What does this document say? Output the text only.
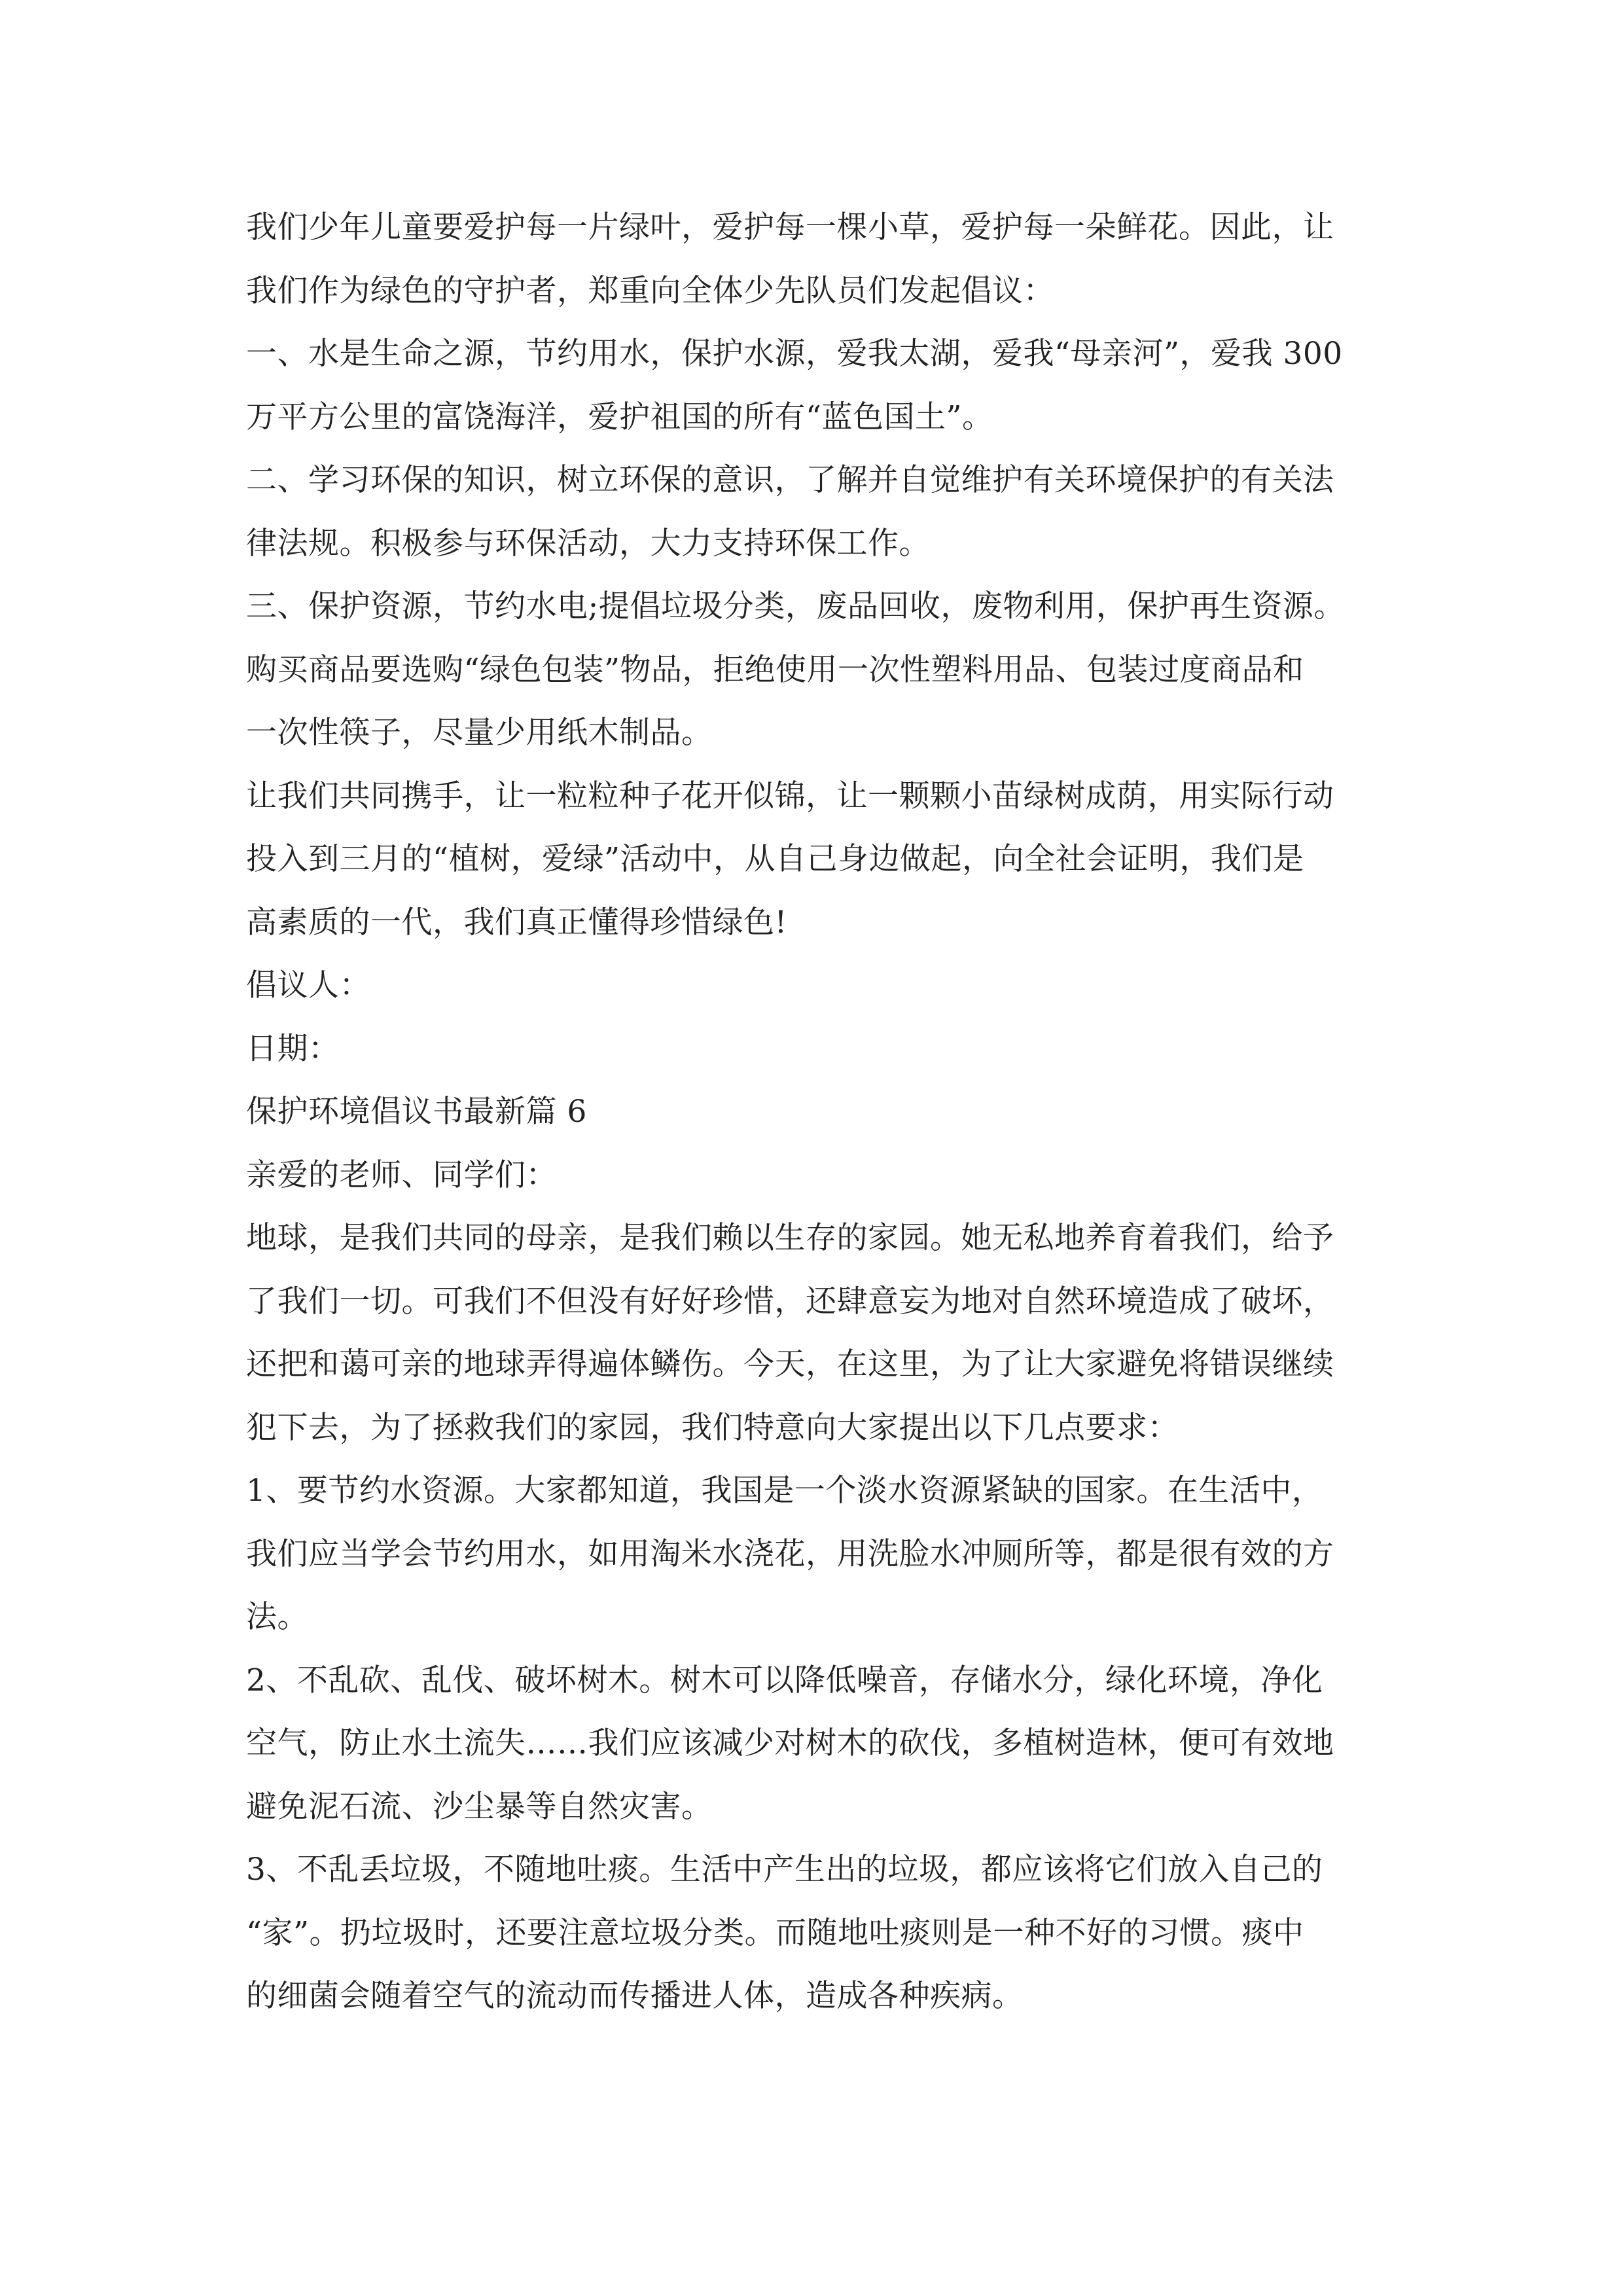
我们少年儿童要爱护每一片绿叶，爱护每一棵小草，爱护每一朵鲜花。因此，让
我们作为绿色的守护者，郑重向全体少先队员们发起倡议：
一、水是生命之源，节约用水，保护水源，爱我太湖，爱我“母亲河”，爱我 300
万平方公里的富饶海洋，爱护祖国的所有“蓝色国土”。
二、学习环保的知识，树立环保的意识，了解并自觉维护有关环境保护的有关法
律法规。积极参与环保活动，大力支持环保工作。
三、保护资源，节约水电;提倡垃圾分类，废品回收，废物利用，保护再生资源。
购买商品要选购“绿色包装”物品，拒绝使用一次性塑料用品、包装过度商品和
一次性筷子，尽量少用纸木制品。
让我们共同携手，让一粒粒种子花开似锦，让一颗颗小苗绿树成荫，用实际行动
投入到三月的“植树，爱绿”活动中，从自己身边做起，向全社会证明，我们是
高素质的一代，我们真正懂得珍惜绿色!
倡议人：
日期：
保护环境倡议书最新篇 6
亲爱的老师、同学们：
地球，是我们共同的母亲，是我们赖以生存的家园。她无私地养育着我们，给予
了我们一切。可我们不但没有好好珍惜，还肆意妄为地对自然环境造成了破坏，
还把和蔼可亲的地球弄得遍体鳞伤。今天，在这里，为了让大家避免将错误继续
犯下去，为了拯救我们的家园，我们特意向大家提出以下几点要求：
1、要节约水资源。大家都知道，我国是一个淡水资源紧缺的国家。在生活中，
我们应当学会节约用水，如用淘米水浇花，用洗脸水冲厕所等，都是很有效的方
法。
2、不乱砍、乱伐、破坏树木。树木可以降低噪音，存储水分，绿化环境，净化
空气，防止水土流失……我们应该减少对树木的砍伐，多植树造林，便可有效地
避免泥石流、沙尘暴等自然灾害。
3、不乱丢垃圾，不随地吐痰。生活中产生出的垃圾，都应该将它们放入自己的
“家”。扔垃圾时，还要注意垃圾分类。而随地吐痰则是一种不好的习惯。痰中
的细菌会随着空气的流动而传播进人体，造成各种疾病。
